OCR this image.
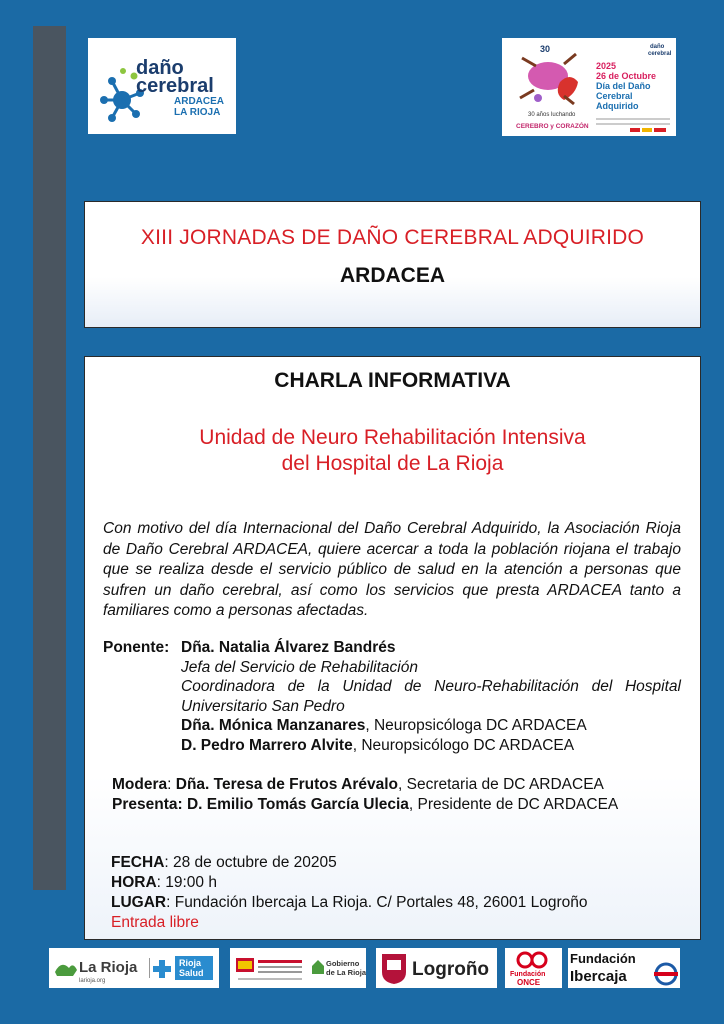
daño
cerebral
ARDACEA
LA RIOJA
30
30 años luchando
CEREBRO y CORAZÓN
daño
cerebral
2025
26 de Octubre
Día del Daño
Cerebral
Adquirido
XIII JORNADAS DE DAÑO CEREBRAL ADQUIRIDO
ARDACEA
CHARLA INFORMATIVA
Unidad de Neuro Rehabilitación Intensiva
del Hospital de La Rioja

Con motivo del día Internacional del Daño Cerebral Adquirido, la Asociación Rioja de Daño Cerebral ARDACEA, quiere acercar a toda la población riojana el trabajo que se realiza desde el servicio público de salud en la atención a personas que sufren un daño cerebral, así como los servicios que presta ARDACEA tanto a familiares como a personas afectadas.

Ponente: Dña. Natalia Álvarez Bandrés
Jefa del Servicio de Rehabilitación
Coordinadora de la Unidad de Neuro-Rehabilitación del Hospital Universitario San Pedro
Dña. Mónica Manzanares, Neuropsicóloga DC ARDACEA
D. Pedro Marrero Alvite, Neuropsicólogo DC ARDACEA
Modera: Dña. Teresa de Frutos Arévalo, Secretaria de DC ARDACEA
Presenta: D. Emilio Tomás García Ulecia, Presidente de DC ARDACEA
FECHA: 28 de octubre de 20205
HORA: 19:00 h
LUGAR: Fundación Ibercaja La Rioja. C/ Portales 48, 26001 Logroño
Entrada libre
La Rioja
larioja.org
Rioja
Salud
Gobierno
de La Rioja Logroño	Fundación
ONCE
Fundación
Ibercaja
